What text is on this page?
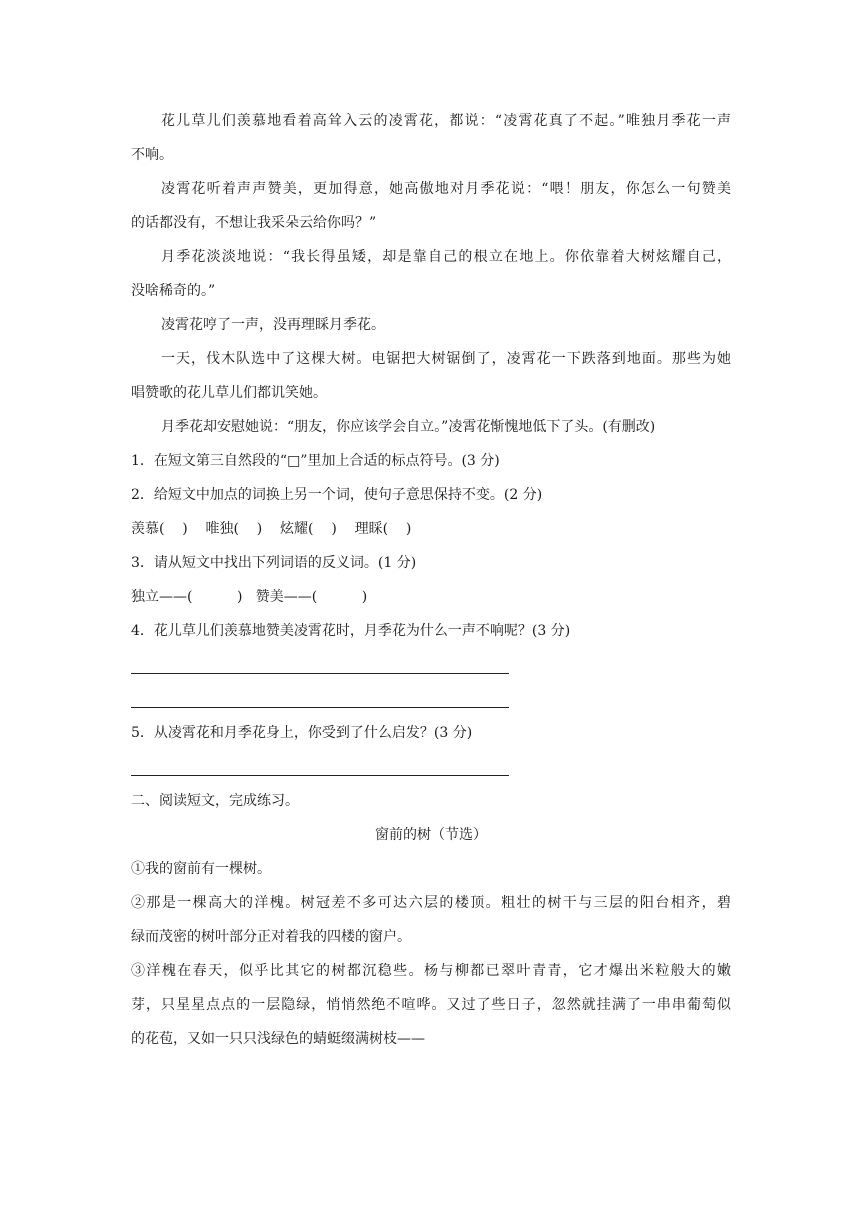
花儿草儿们羡慕地看着高耸入云的凌霄花，都说：“凌霄花真了不起。”唯独月季花一声
不响。
凌霄花听着声声赞美，更加得意，她高傲地对月季花说：“喂！朋友，你怎么一句赞美
的话都没有，不想让我采朵云给你吗？”
月季花淡淡地说：“我长得虽矮，却是靠自己的根立在地上。你依靠着大树炫耀自己，
没啥稀奇的。”
凌霄花哼了一声，没再理睬月季花。
一天，伐木队选中了这棵大树。电锯把大树锯倒了，凌霄花一下跌落到地面。那些为她
唱赞歌的花儿草儿们都讥笑她。
月季花却安慰她说：“朋友，你应该学会自立。”凌霄花惭愧地低下了头。(有删改)
1．在短文第三自然段的“□”里加上合适的标点符号。(3 分)
2．给短文中加点的词换上另一个词，使句子意思保持不变。(2 分)
羡慕(    )    唯独(    )    炫耀(    )    理睬(    )
3．请从短文中找出下列词语的反义词。(1 分)
独立——(          )   赞美——(          )
4．花儿草儿们羡慕地赞美凌霄花时，月季花为什么一声不响呢？(3 分)
5．从凌霄花和月季花身上，你受到了什么启发？(3 分)
二、阅读短文，完成练习。
窗前的树（节选）
①我的窗前有一棵树。
②那是一棵高大的洋槐。树冠差不多可达六层的楼顶。粗壮的树干与三层的阳台相齐，碧
绿而茂密的树叶部分正对着我的四楼的窗户。
③洋槐在春天，似乎比其它的树都沉稳些。杨与柳都已翠叶青青，它才爆出米粒般大的嫩
芽，只星星点点的一层隐绿，悄悄然绝不喧哗。又过了些日子，忽然就挂满了一串串葡萄似
的花苞，又如一只只浅绿色的蜻蜓缀满树枝——
